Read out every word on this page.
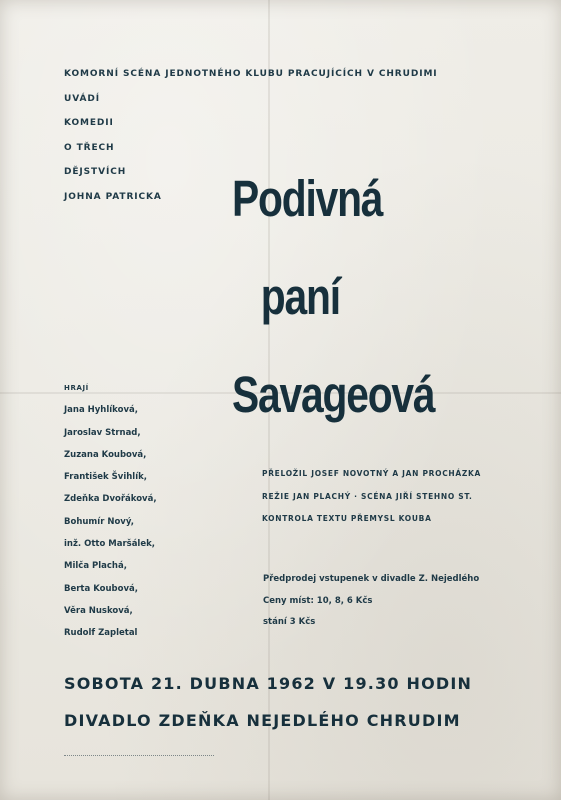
KOMORNÍ SCÉNA JEDNOTNÉHO KLUBU PRACUJÍCÍCH V CHRUDIMI
UVÁDÍ
KOMEDII
O TŘECH
DĚJSTVÍCH
JOHNA PATRICKA	Podivná
paní
Savageová
PŘELOŽIL JOSEF NOVOTNÝ A JAN PROCHÁZKA
REŽIE JAN PLACHÝ · SCÉNA JIŘÍ STEHNO ST.
KONTROLA TEXTU PŘEMYSL KOUBA
HRAJÍ
Jana Hyhlíková,
Jaroslav Strnad,
Zuzana Koubová,
František Švihlík,
Zdeňka Dvořáková,
Bohumír Nový,
inž. Otto Maršálek,
Milča Plachá,
Berta Koubová,
Věra Nusková,
Rudolf Zapletal
Předprodej vstupenek v divadle Z. Nejedlého
Ceny míst: 10, 8, 6 Kčs
stání 3 Kčs
SOBOTA 21. DUBNA 1962 V 19.30 HODIN
DIVADLO ZDEŇKA NEJEDLÉHO CHRUDIM
